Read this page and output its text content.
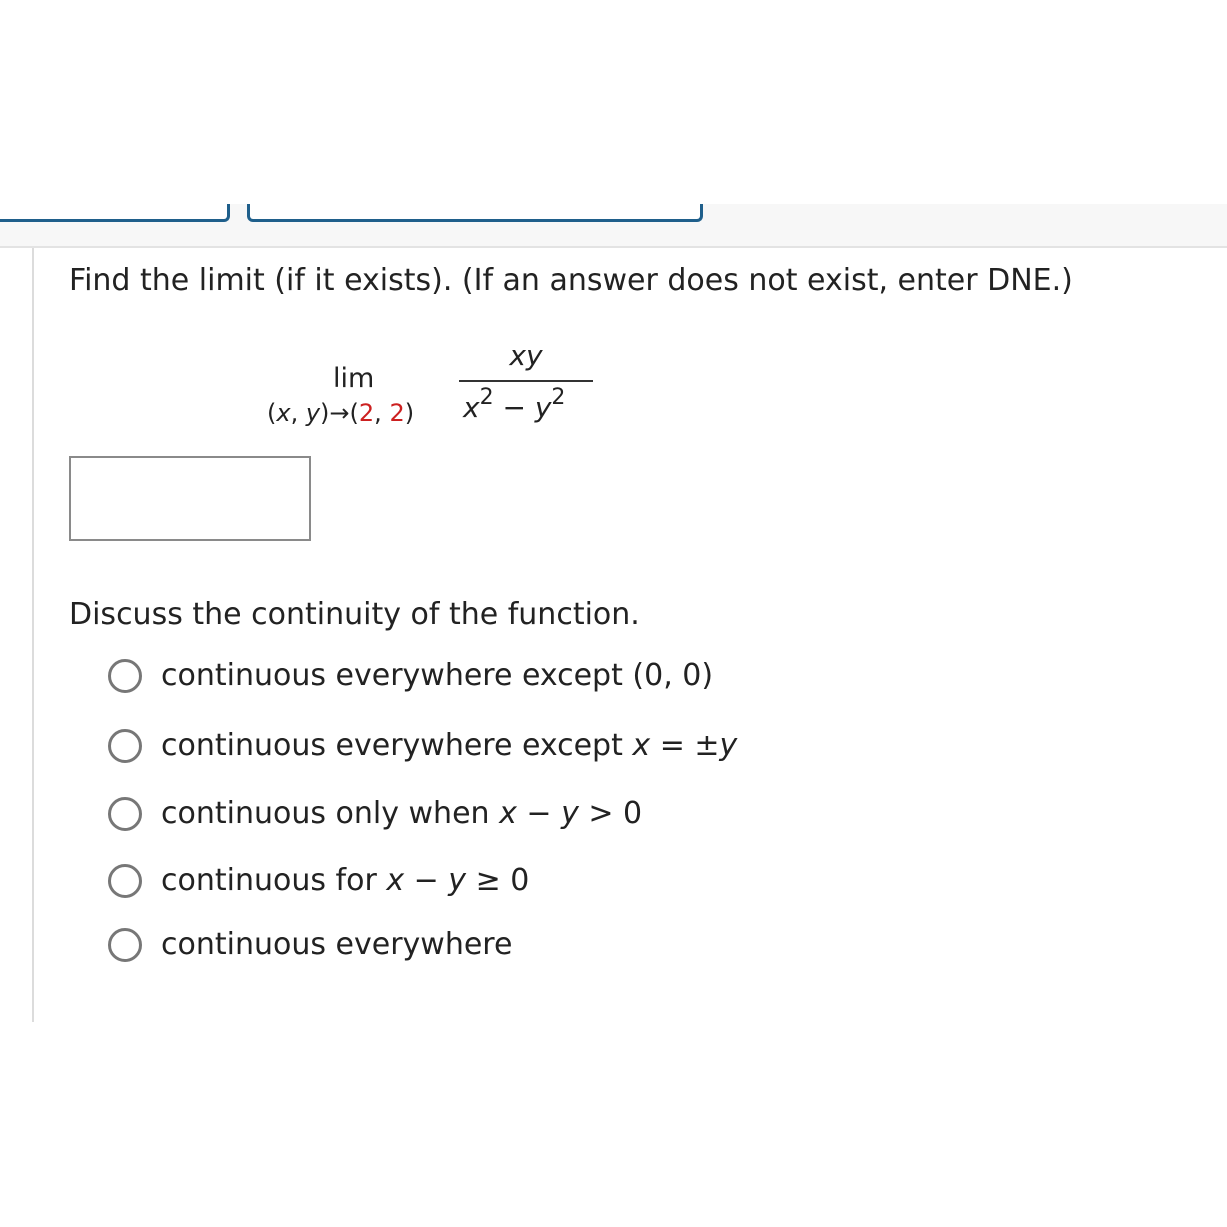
Find the limit (if it exists). (If an answer does not exist, enter DNE.)
lim
(x, y)→(2, 2)
xy
$x^2 - y^2$
Discuss the continuity of the function.
continuous everywhere except (0, 0)
continuous everywhere except x = ±y
continuous only when x − y > 0
continuous for x − y ≥ 0
continuous everywhere
